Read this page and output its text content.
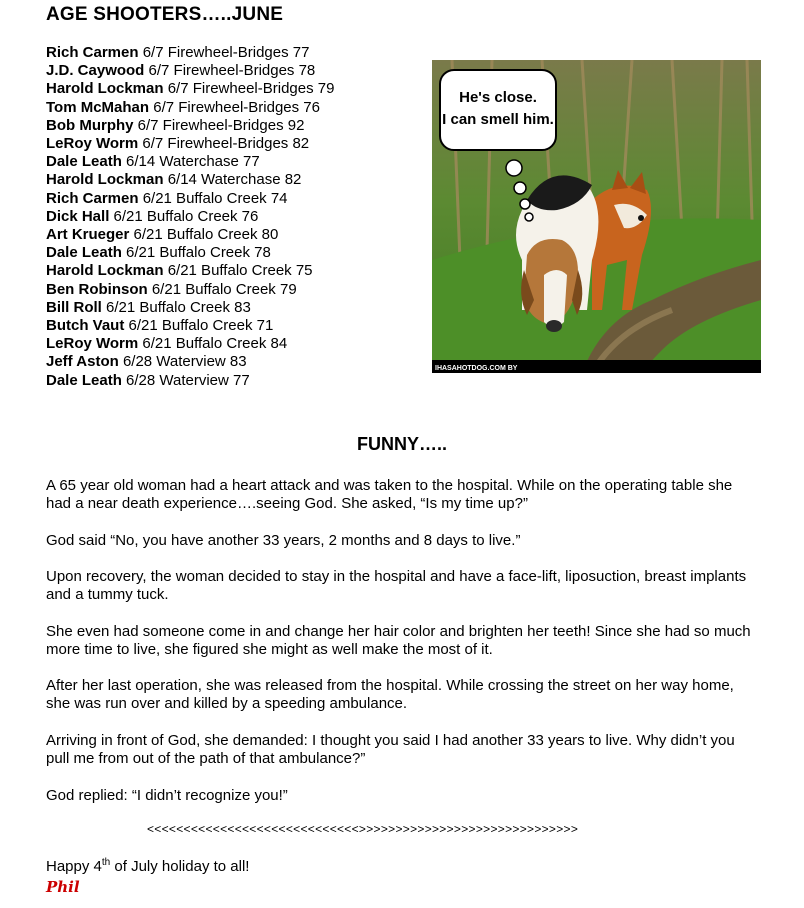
AGE SHOOTERS…..JUNE
Rich Carmen 6/7 Firewheel-Bridges 77
J.D. Caywood 6/7 Firewheel-Bridges 78
Harold Lockman 6/7 Firewheel-Bridges 79
Tom McMahan 6/7 Firewheel-Bridges 76
Bob Murphy 6/7 Firewheel-Bridges 92
LeRoy Worm 6/7 Firewheel-Bridges 82
Dale Leath 6/14 Waterchase 77
Harold Lockman 6/14 Waterchase 82
Rich Carmen 6/21 Buffalo Creek 74
Dick Hall 6/21 Buffalo Creek 76
Art Krueger 6/21 Buffalo Creek 80
Dale Leath 6/21 Buffalo Creek 78
Harold Lockman 6/21 Buffalo Creek 75
Ben Robinson 6/21 Buffalo Creek 79
Bill Roll 6/21 Buffalo Creek 83
Butch Vaut 6/21 Buffalo Creek 71
LeRoy Worm 6/21 Buffalo Creek 84
Jeff Aston 6/28 Waterview 83
Dale Leath 6/28 Waterview 77
He's close.
I can smell him.
IHASAHOTDOG.COM BY
FUNNY…..

A 65 year old woman had a heart attack and was taken to the hospital. While on the operating table she had a near death experience….seeing God. She asked, “Is my time up?”

God said “No, you have another 33 years, 2 months and 8 days to live.”

Upon recovery, the woman decided to stay in the hospital and have a face-lift, liposuction, breast implants and a tummy tuck.

She even had someone come in and change her hair color and brighten her teeth! Since she had so much more time to live, she figured she might as well make the most of it.

After her last operation, she was released from the hospital. While crossing the street on her way home, she was run over and killed by a speeding ambulance.

Arriving in front of God, she demanded: I thought you said I had another 33 years to live. Why didn’t you pull me from out of the path of that ambulance?”

God replied: “I didn’t recognize you!”

<<<<<<<<<<<<<<<<<<<<<<<<<<<<<>>>>>>>>>>>>>>>>>>>>>>>>>>>>>>
Happy 4th of July holiday to all!
Phil
